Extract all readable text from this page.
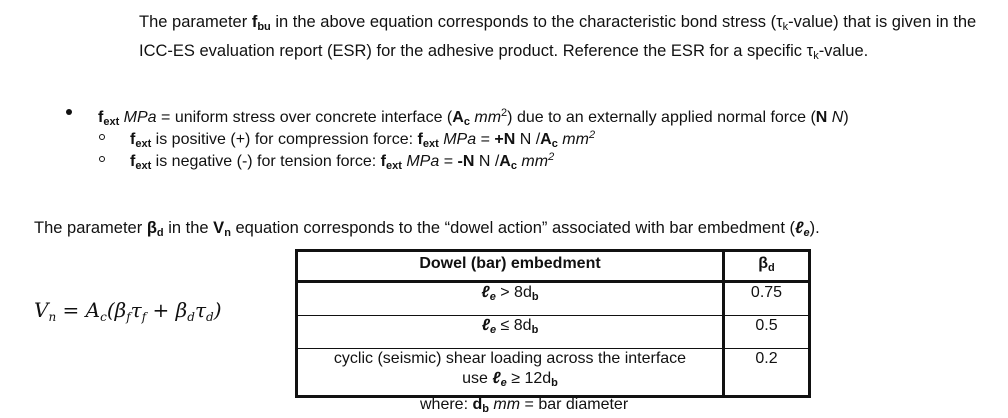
The parameter $f_{bu}$ in the above equation corresponds to the characteristic bond stress $(\tau_k-value)$ that is given in the ICC-ES evaluation report (ESR) for the adhesive product. Reference the ESR for a specific $\tau_k$-value.
$f_{ext}$ MPa = uniform stress over concrete interface ($A_c$ $mm^2$) due to an externally applied normal force (N N)
$f_{ext}$ is positive (+) for compression force: $f_{ext}$ MPa = +N N $/A_c$ $mm^2$
$f_{ext}$ is negative (-) for tension force: $f_{ext}$ MPa = -N N $/A_c$ $mm^2$
The parameter $\beta_d$ in the $V_n$ equation corresponds to the “dowel action” associated with bar embedment (ℓ$_e$).
$V_n = A_c(\beta_f\tau_f + \beta_d\tau_d)$
Dowel (bar) embedment	$\beta_d$
ℓ$_e$ > $8d_b$	0.75
ℓ$_e$ ≤ $8d_b$	0.5

cyclic (seismic) shear loading across the interface
use ℓ$_e$ ≥ $12d_b$	0.2
where: $d_b$ mm = bar diameter
